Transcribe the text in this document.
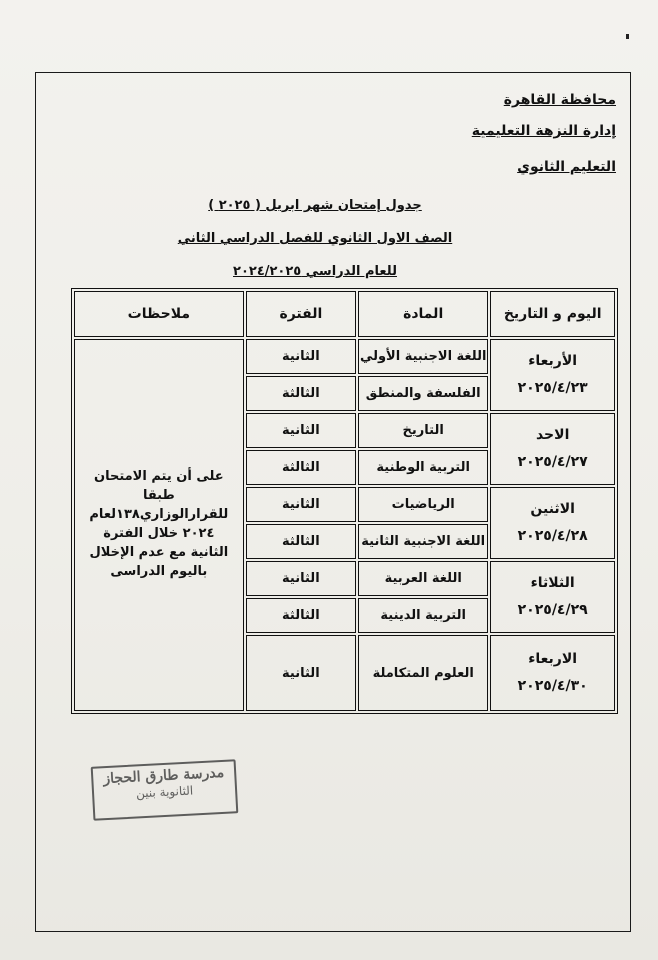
محافظة القاهرة
إدارة النزهة التعليمية
التعليم الثانوي
جدول إمتحان شهر ابريل ( ٢٠٢٥ )
الصف الاول الثانوي للفصل الدراسي الثاني
للعام الدراسي ٢٠٢٤/٢٠٢٥
اليوم و التاريخ	المادة	الفترة	ملاحظات

الأربعاء
٢٠٢٥/٤/٢٣	اللغة الاجنبية الأولي	الثانية	على أن يتم الامتحان طبقا للقرارالوزاري١٣٨لعام ٢٠٢٤ خلال الفترة الثانية مع عدم الإخلال باليوم الدراسى
	الفلسفة والمنطق	الثالثة	

الاحد
٢٠٢٥/٤/٢٧	التاريخ	الثانية	
	التربية الوطنية	الثالثة	

الاثنين
٢٠٢٥/٤/٢٨	الرياضيات	الثانية	
	اللغة الاجنبية الثانية	الثالثة	

الثلاثاء
٢٠٢٥/٤/٢٩	اللغة العربية	الثانية	
	التربية الدينية	الثالثة	

الاربعاء
٢٠٢٥/٤/٣٠	العلوم المتكاملة	الثانية	
مدرسة طارق الحجاز
الثانوية بنين
